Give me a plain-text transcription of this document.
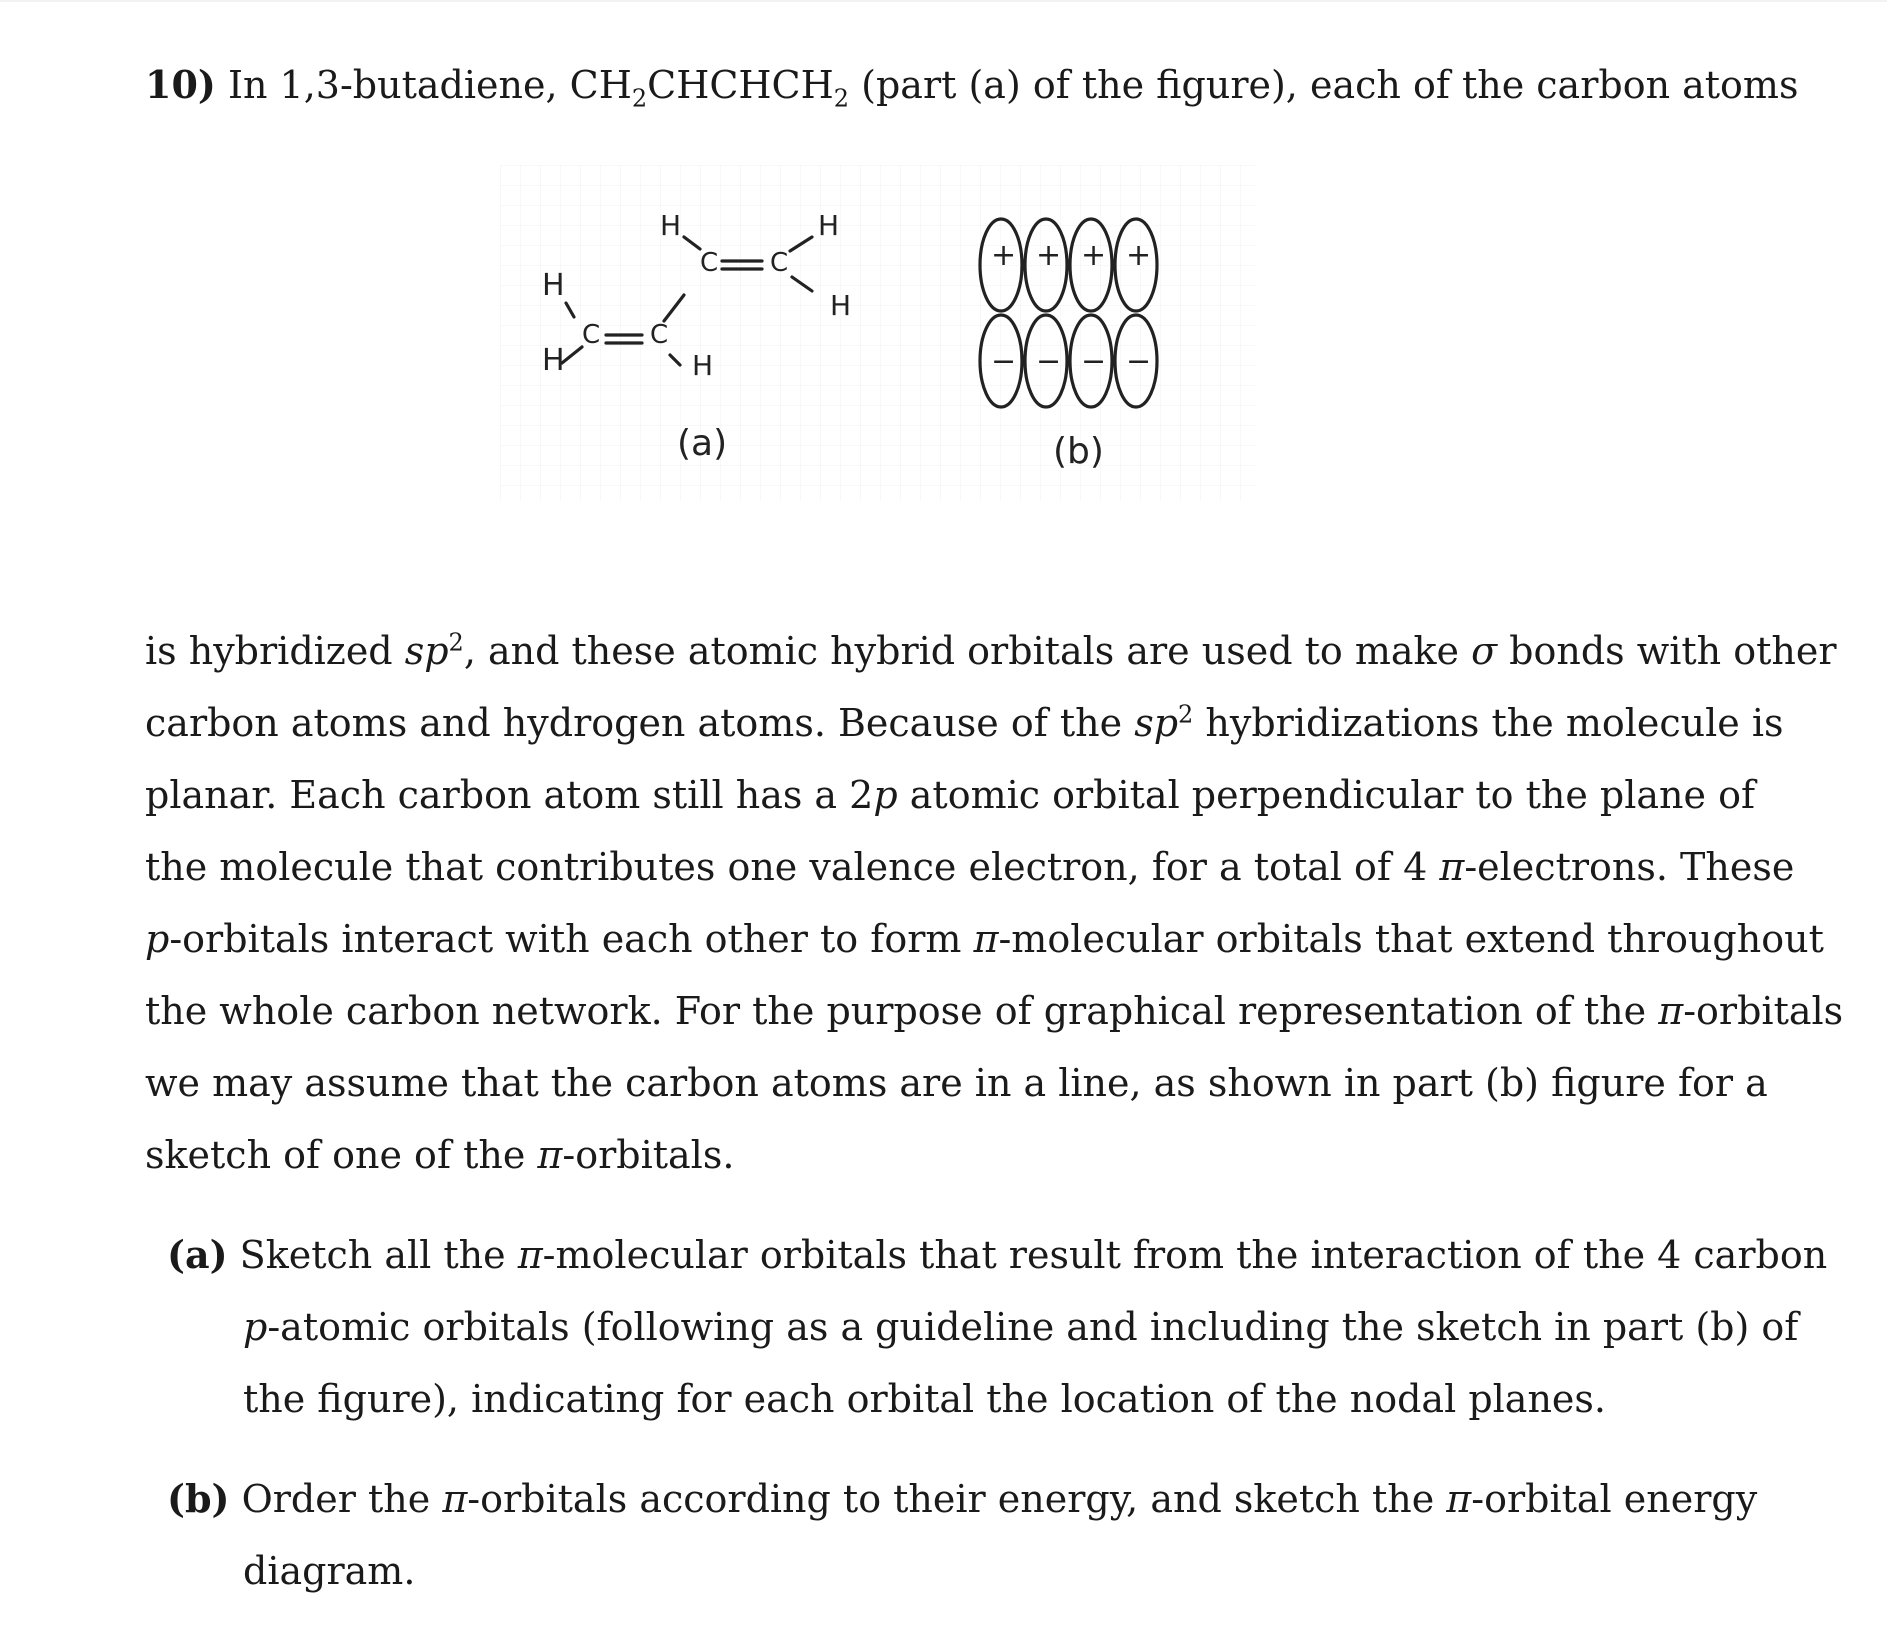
10) In 1,3-butadiene, $CH_2CHCHCH_2$ (part (a) of the figure), each of the carbon atoms
H
H
H
H
H
H
C C
C C
(a)
+ + + +
− − − −
(b)
is hybridized $sp^2$, and these atomic hybrid orbitals are used to make σ bonds with other
carbon atoms and hydrogen atoms. Because of the $sp^2$ hybridizations the molecule is
planar. Each carbon atom still has a 2p atomic orbital perpendicular to the plane of
the molecule that contributes one valence electron, for a total of 4 π-electrons. These
p-orbitals interact with each other to form π-molecular orbitals that extend throughout
the whole carbon network. For the purpose of graphical representation of the π-orbitals
we may assume that the carbon atoms are in a line, as shown in part (b) figure for a
sketch of one of the π-orbitals.
(a) Sketch all the π-molecular orbitals that result from the interaction of the 4 carbon
p-atomic orbitals (following as a guideline and including the sketch in part (b) of
the figure), indicating for each orbital the location of the nodal planes.
(b) Order the π-orbitals according to their energy, and sketch the π-orbital energy
diagram.
